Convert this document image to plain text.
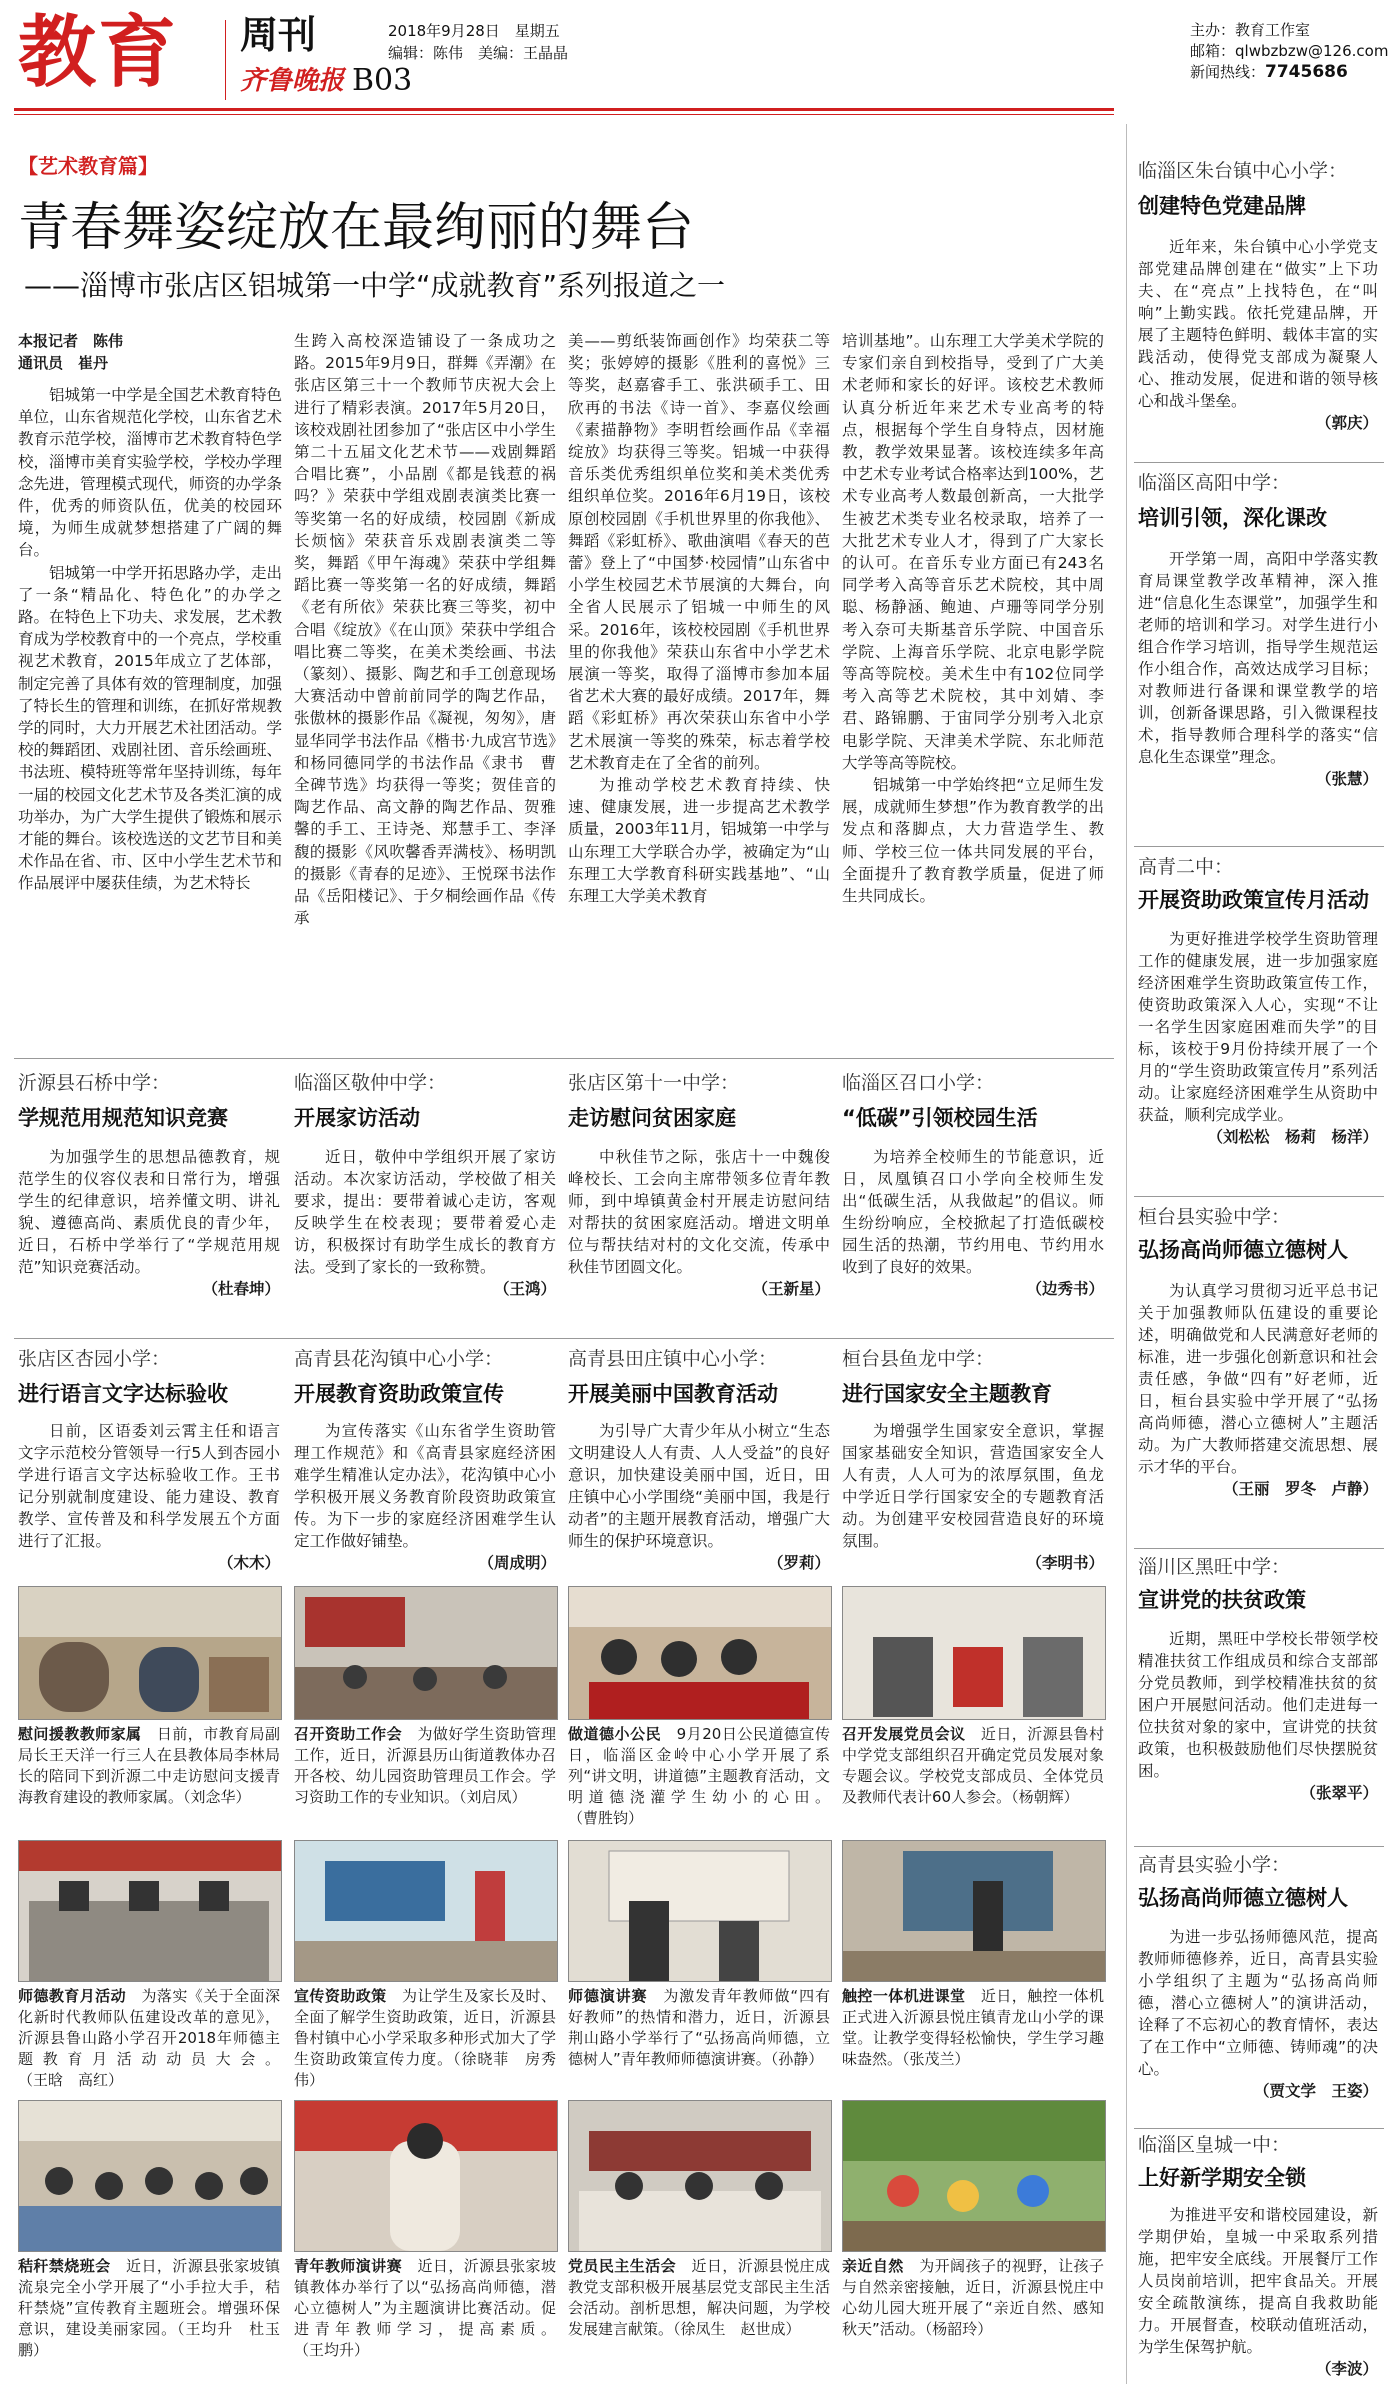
教育 周刊
齐鲁晚报 B03
2018年9月28日　星期五
编辑：陈伟　美编：王晶晶
主办：教育工作室
邮箱：qlwbzbzw@126.com
新闻热线：7745686
【艺术教育篇】
青春舞姿绽放在最绚丽的舞台
——淄博市张店区铝城第一中学“成就教育”系列报道之一
本报记者　陈伟
通讯员　崔丹

铝城第一中学是全国艺术教育特色单位，山东省规范化学校，山东省艺术教育示范学校，淄博市艺术教育特色学校，淄博市美育实验学校，学校办学理念先进，管理模式现代，师资的办学条件，优秀的师资队伍，优美的校园环境，为师生成就梦想搭建了广阔的舞台。

铝城第一中学开拓思路办学，走出了一条“精品化、特色化”的办学之路。在特色上下功夫、求发展，艺术教育成为学校教育中的一个亮点，学校重视艺术教育，2015年成立了艺体部，制定完善了具体有效的管理制度，加强了特长生的管理和训练，在抓好常规教学的同时，大力开展艺术社团活动。学校的舞蹈团、戏剧社团、音乐绘画班、书法班、模特班等常年坚持训练，每年一届的校园文化艺术节及各类汇演的成功举办，为广大学生提供了锻炼和展示才能的舞台。该校选送的文艺节目和美术作品在省、市、区中小学生艺术节和作品展评中屡获佳绩，为艺术特长

生跨入高校深造铺设了一条成功之路。2015年9月9日，群舞《弄潮》在张店区第三十一个教师节庆祝大会上进行了精彩表演。2017年5月20日，该校戏剧社团参加了“张店区中小学生第二十五届文化艺术节——戏剧舞蹈合唱比赛”，小品剧《都是钱惹的祸吗？》荣获中学组戏剧表演类比赛一等奖第一名的好成绩，校园剧《新成长烦恼》荣获音乐戏剧表演类二等奖，舞蹈《甲午海魂》荣获中学组舞蹈比赛一等奖第一名的好成绩，舞蹈《老有所依》荣获比赛三等奖，初中合唱《绽放》《在山顶》荣获中学组合唱比赛二等奖，在美术类绘画、书法（篆刻）、摄影、陶艺和手工创意现场大赛活动中曾前前同学的陶艺作品，张傲林的摄影作品《凝视，匆匆》，唐显华同学书法作品《楷书·九成宫节选》和杨同德同学的书法作品《隶书　曹全碑节选》均获得一等奖；贺佳音的陶艺作品、高文静的陶艺作品、贺雅馨的手工、王诗尧、郑慧手工、李泽馥的摄影《风吹馨香弄满枝》、杨明凯的摄影《青春的足迹》、王悦琛书法作品《岳阳楼记》、于夕桐绘画作品《传承

美——剪纸装饰画创作》均荣获二等奖；张婷婷的摄影《胜利的喜悦》三等奖，赵嘉睿手工、张洪硕手工、田欣再的书法《诗一首》、李嘉仪绘画《素描静物》李明哲绘画作品《幸福绽放》均获得三等奖。铝城一中获得音乐类优秀组织单位奖和美术类优秀组织单位奖。2016年6月19日，该校原创校园剧《手机世界里的你我他》、舞蹈《彩虹桥》、歌曲演唱《春天的芭蕾》登上了“中国梦·校园情”山东省中小学生校园艺术节展演的大舞台，向全省人民展示了铝城一中师生的风采。2016年，该校校园剧《手机世界里的你我他》荣获山东省中小学艺术展演一等奖，取得了淄博市参加本届省艺术大赛的最好成绩。2017年，舞蹈《彩虹桥》再次荣获山东省中小学艺术展演一等奖的殊荣，标志着学校艺术教育走在了全省的前列。

为推动学校艺术教育持续、快速、健康发展，进一步提高艺术教学质量，2003年11月，铝城第一中学与山东理工大学联合办学，被确定为“山东理工大学教育科研实践基地”、“山东理工大学美术教育

培训基地”。山东理工大学美术学院的专家们亲自到校指导，受到了广大美术老师和家长的好评。该校艺术教师认真分析近年来艺术专业高考的特点，根据每个学生自身特点，因材施教，教学效果显著。该校连续多年高中艺术专业考试合格率达到100%，艺术专业高考人数最创新高，一大批学生被艺术类专业名校录取，培养了一大批艺术专业人才，得到了广大家长的认可。在音乐专业方面已有243名同学考入高等音乐艺术院校，其中周聪、杨静涵、鲍迪、卢珊等同学分别考入奈可夫斯基音乐学院、中国音乐学院、上海音乐学院、北京电影学院等高等院校。美术生中有102位同学考入高等艺术院校，其中刘婧、李君、路锦鹏、于宙同学分别考入北京电影学院、天津美术学院、东北师范大学等高等院校。

铝城第一中学始终把“立足师生发展，成就师生梦想”作为教育教学的出发点和落脚点，大力营造学生、教师、学校三位一体共同发展的平台，全面提升了教育教学质量，促进了师生共同成长。

沂源县石桥中学：
学规范用规范知识竞赛

为加强学生的思想品德教育，规范学生的仪容仪表和日常行为，增强学生的纪律意识，培养懂文明、讲礼貌、遵德高尚、素质优良的青少年，近日，石桥中学举行了“学规范用规范”知识竞赛活动。

（杜春坤）
临淄区敬仲中学：
开展家访活动

近日，敬仲中学组织开展了家访活动。本次家访活动，学校做了相关要求，提出：要带着诚心走访，客观反映学生在校表现；要带着爱心走访，积极探讨有助学生成长的教育方法。受到了家长的一致称赞。

（王鸿）
张店区第十一中学：
走访慰问贫困家庭

中秋佳节之际，张店十一中魏俊峰校长、工会向主席带领多位青年教师，到中埠镇黄金村开展走访慰问结对帮扶的贫困家庭活动。增进文明单位与帮扶结对村的文化交流，传承中秋佳节团圆文化。

（王新星）
临淄区召口小学：
“低碳”引领校园生活

为培养全校师生的节能意识，近日，凤凰镇召口小学向全校师生发出“低碳生活，从我做起”的倡议。师生纷纷响应，全校掀起了打造低碳校园生活的热潮，节约用电、节约用水收到了良好的效果。

（边秀书）
张店区杏园小学：
进行语言文字达标验收

日前，区语委刘云霄主任和语言文字示范校分管领导一行5人到杏园小学进行语言文字达标验收工作。王书记分别就制度建设、能力建设、教育教学、宣传普及和科学发展五个方面进行了汇报。

（木木）
高青县花沟镇中心小学：
开展教育资助政策宣传

为宣传落实《山东省学生资助管理工作规范》和《高青县家庭经济困难学生精准认定办法》，花沟镇中心小学积极开展义务教育阶段资助政策宣传。为下一步的家庭经济困难学生认定工作做好铺垫。

（周成明）
高青县田庄镇中心小学：
开展美丽中国教育活动

为引导广大青少年从小树立“生态文明建设人人有责、人人受益”的良好意识，加快建设美丽中国，近日，田庄镇中心小学围绕“美丽中国，我是行动者”的主题开展教育活动，增强广大师生的保护环境意识。

（罗莉）
桓台县鱼龙中学：
进行国家安全主题教育

为增强学生国家安全意识，掌握国家基础安全知识，营造国家安全人人有责，人人可为的浓厚氛围，鱼龙中学近日学行国家安全的专题教育活动。为创建平安校园营造良好的环境氛围。

（李明书）
慰问援教教师家属　 日前，市教育局副局长王天洋一行三人在县教体局李林局长的陪同下到沂源二中走访慰问支援青海教育建设的教师家属。（刘念华）
召开资助工作会　 为做好学生资助管理工作，近日，沂源县历山街道教体办召开各校、幼儿园资助管理员工作会。学习资助工作的专业知识。（刘启凤）
做道德小公民　 9月20日公民道德宣传日，临淄区金岭中心小学开展了系列“讲文明，讲道德”主题教育活动，文明道德浇灌学生幼小的心田。（曹胜钧）
召开发展党员会议　 近日，沂源县鲁村中学党支部组织召开确定党员发展对象专题会议。学校党支部成员、全体党员及教师代表计60人参会。（杨朝辉）
师德教育月活动　 为落实《关于全面深化新时代教师队伍建设改革的意见》，沂源县鲁山路小学召开2018年师德主题教育月活动动员大会。（王晗　高红）
宣传资助政策　 为让学生及家长及时、全面了解学生资助政策，近日，沂源县鲁村镇中心小学采取多种形式加大了学生资助政策宣传力度。（徐晓菲　房秀伟）
师德演讲赛　 为激发青年教师做“四有好教师”的热情和潜力，近日，沂源县荆山路小学举行了“弘扬高尚师德，立德树人”青年教师师德演讲赛。（孙静）
触控一体机进课堂　 近日，触控一体机正式进入沂源县悦庄镇青龙山小学的课堂。让教学变得轻松愉快，学生学习趣味盎然。（张茂兰）
秸秆禁烧班会　 近日，沂源县张家坡镇流泉完全小学开展了“小手拉大手，秸秆禁烧”宣传教育主题班会。增强环保意识，建设美丽家园。（王均升　杜玉鹏）
青年教师演讲赛　 近日，沂源县张家坡镇教体办举行了以“弘扬高尚师德，潜心立德树人”为主题演讲比赛活动。促进青年教师学习，提高素质。（王均升）
党员民主生活会　 近日，沂源县悦庄成教党支部积极开展基层党支部民主生活会活动。剖析思想，解决问题，为学校发展建言献策。（徐凤生　赵世成）
亲近自然　 为开阔孩子的视野，让孩子与自然亲密接触，近日，沂源县悦庄中心幼儿园大班开展了“亲近自然、感知秋天”活动。（杨韶玲）
临淄区朱台镇中心小学：
创建特色党建品牌

近年来，朱台镇中心小学党支部党建品牌创建在“做实”上下功夫、在“亮点”上找特色，在“叫响”上勤实践。依托党建品牌，开展了主题特色鲜明、载体丰富的实践活动，使得党支部成为凝聚人心、推动发展，促进和谐的领导核心和战斗堡垒。

（郭庆）
临淄区高阳中学：
培训引领，深化课改

开学第一周，高阳中学落实教育局课堂教学改革精神，深入推进“信息化生态课堂”，加强学生和老师的培训和学习。对学生进行小组合作学习培训，指导学生规范运作小组合作，高效达成学习目标；对教师进行备课和课堂教学的培训，创新备课思路，引入微课程技术，指导教师合理科学的落实“信息化生态课堂”理念。

（张慧）
高青二中：
开展资助政策宣传月活动

为更好推进学校学生资助管理工作的健康发展，进一步加强家庭经济困难学生资助政策宣传工作，使资助政策深入人心，实现“不让一名学生因家庭困难而失学”的目标，该校于9月份持续开展了一个月的“学生资助政策宣传月”系列活动。让家庭经济困难学生从资助中获益，顺利完成学业。

（刘松松　杨莉　杨洋）
桓台县实验中学：
弘扬高尚师德立德树人

为认真学习贯彻习近平总书记关于加强教师队伍建设的重要论述，明确做党和人民满意好老师的标准，进一步强化创新意识和社会责任感，争做“四有”好老师，近日，桓台县实验中学开展了“弘扬高尚师德，潜心立德树人”主题活动。为广大教师搭建交流思想、展示才华的平台。

（王丽　罗冬　卢静）
淄川区黑旺中学：
宣讲党的扶贫政策

近期，黑旺中学校长带领学校精准扶贫工作组成员和综合支部部分党员教师，到学校精准扶贫的贫困户开展慰问活动。他们走进每一位扶贫对象的家中，宣讲党的扶贫政策，也积极鼓励他们尽快摆脱贫困。

（张翠平）
高青县实验小学：
弘扬高尚师德立德树人

为进一步弘扬师德风范，提高教师师德修养，近日，高青县实验小学组织了主题为“弘扬高尚师德，潜心立德树人”的演讲活动，诠释了不忘初心的教育情怀，表达了在工作中“立师德、铸师魂”的决心。

（贾文学　王姿）
临淄区皇城一中：
上好新学期安全锁

为推进平安和谐校园建设，新学期伊始，皇城一中采取系列措施，把牢安全底线。开展餐厅工作人员岗前培训，把牢食品关。开展安全疏散演练，提高自我救助能力。开展督查，校联动值班活动，为学生保驾护航。

（李波）
